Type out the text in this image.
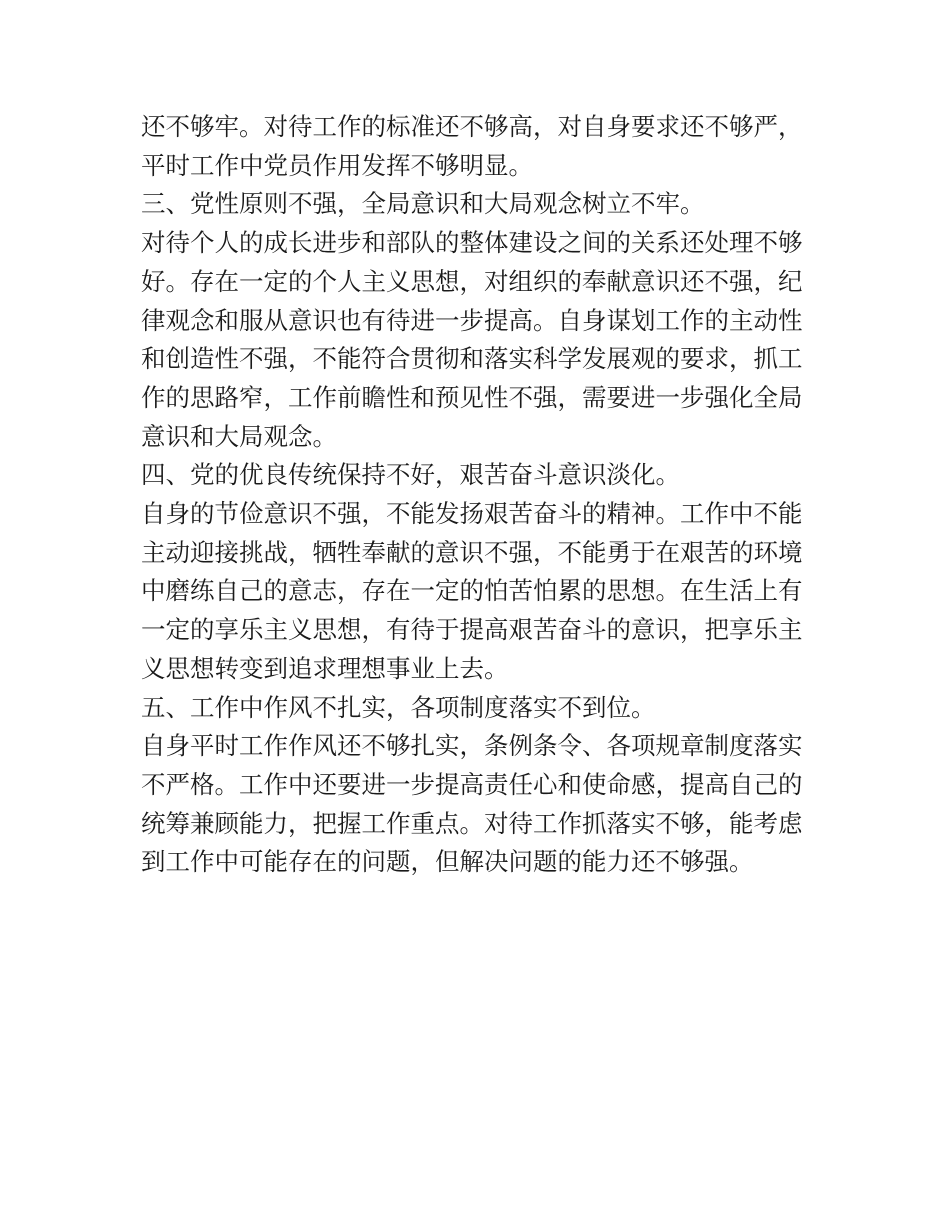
还不够牢。对待工作的标准还不够高，对自身要求还不够严，

平时工作中党员作用发挥不够明显。

三、党性原则不强，全局意识和大局观念树立不牢。

对待个人的成长进步和部队的整体建设之间的关系还处理不够

好。存在一定的个人主义思想，对组织的奉献意识还不强，纪

律观念和服从意识也有待进一步提高。自身谋划工作的主动性

和创造性不强，不能符合贯彻和落实科学发展观的要求，抓工

作的思路窄，工作前瞻性和预见性不强，需要进一步强化全局

意识和大局观念。

四、党的优良传统保持不好，艰苦奋斗意识淡化。

自身的节俭意识不强，不能发扬艰苦奋斗的精神。工作中不能

主动迎接挑战，牺牲奉献的意识不强，不能勇于在艰苦的环境

中磨练自己的意志，存在一定的怕苦怕累的思想。在生活上有

一定的享乐主义思想，有待于提高艰苦奋斗的意识，把享乐主

义思想转变到追求理想事业上去。

五、工作中作风不扎实，各项制度落实不到位。

自身平时工作作风还不够扎实，条例条令、各项规章制度落实

不严格。工作中还要进一步提高责任心和使命感，提高自己的

统筹兼顾能力，把握工作重点。对待工作抓落实不够，能考虑

到工作中可能存在的问题，但解决问题的能力还不够强。
